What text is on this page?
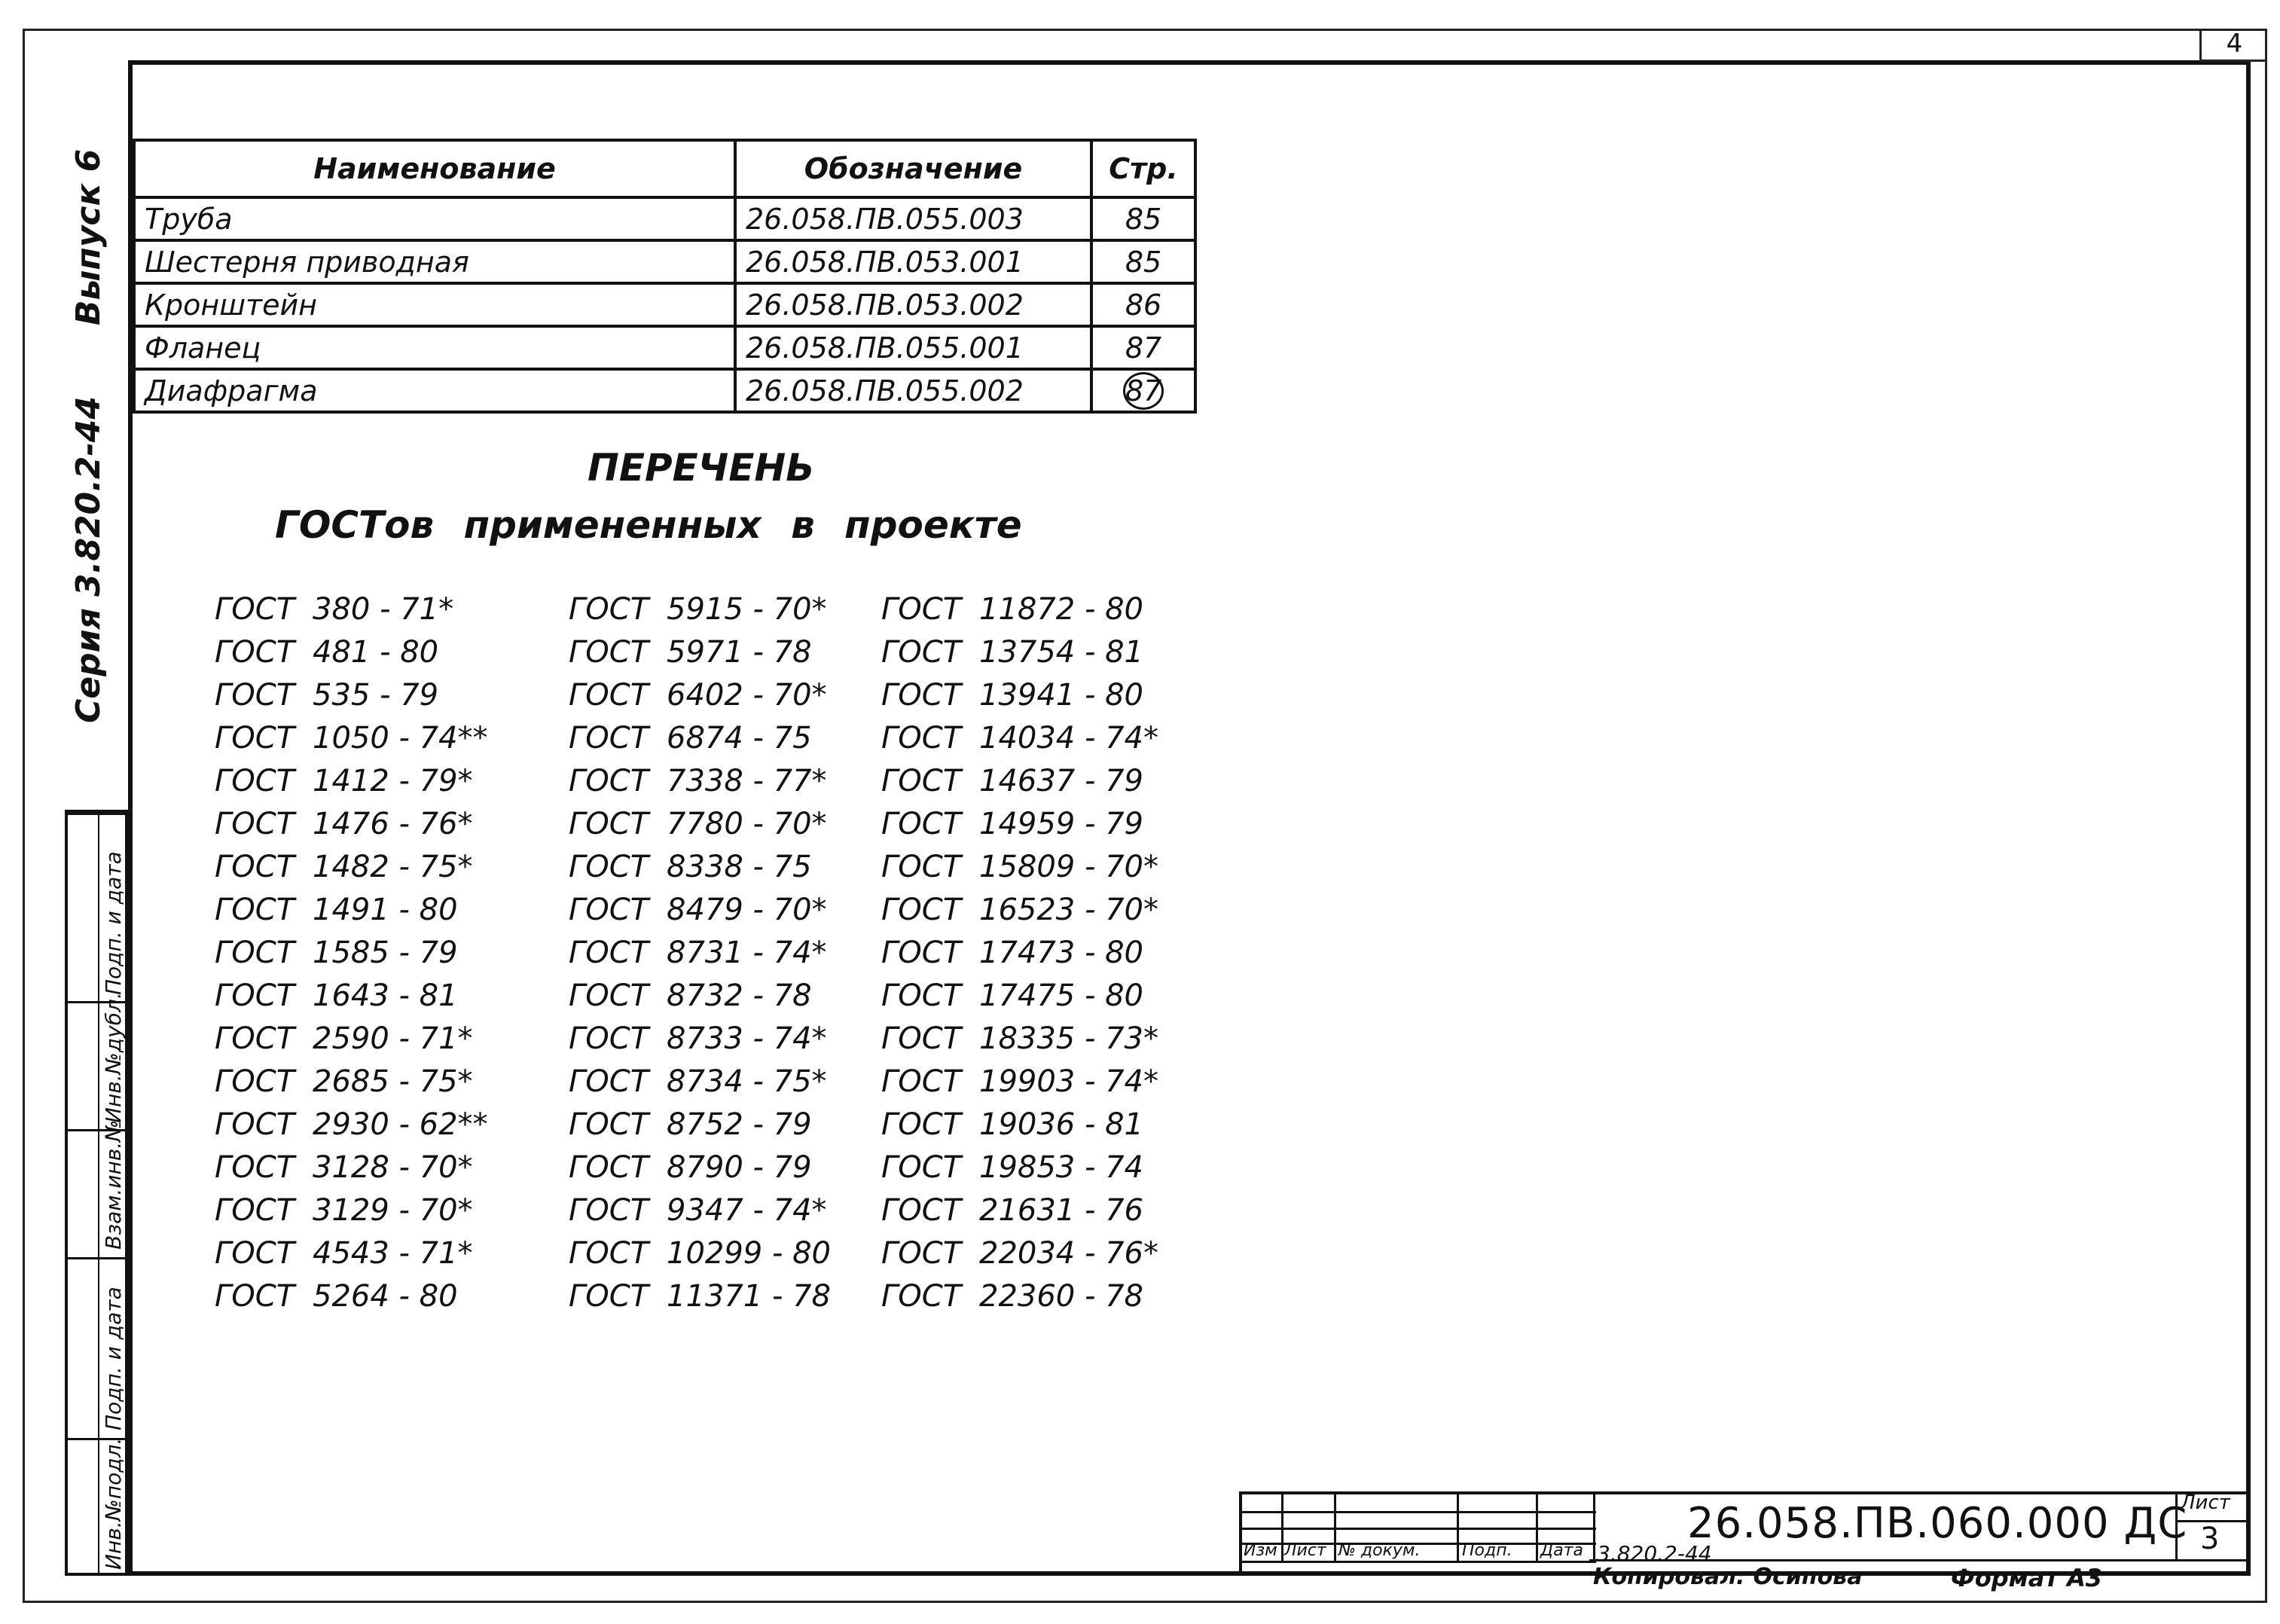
4
Выпуск 6
Серия 3.820.2-44
Инв.№подл.
Подп. и дата
Взам.инв.№
Инв.№дубл.
Подп. и дата
Наименование	Обозначение	Стр.
Труба	26.058.ПВ.055.003	85
Шестерня приводная	26.058.ПВ.053.001	85
Кронштейн	26.058.ПВ.053.002	86
Фланец	26.058.ПВ.055.001	87
Диафрагма	26.058.ПВ.055.002	87
ПЕРЕЧЕНЬ
ГОСТов примененных в проекте
ГОСТ 380 - 71*
ГОСТ 481 - 80
ГОСТ 535 - 79
ГОСТ 1050 - 74**
ГОСТ 1412 - 79*
ГОСТ 1476 - 76*
ГОСТ 1482 - 75*
ГОСТ 1491 - 80
ГОСТ 1585 - 79
ГОСТ 1643 - 81
ГОСТ 2590 - 71*
ГОСТ 2685 - 75*
ГОСТ 2930 - 62**
ГОСТ 3128 - 70*
ГОСТ 3129 - 70*
ГОСТ 4543 - 71*
ГОСТ 5264 - 80
ГОСТ 5915 - 70*
ГОСТ 5971 - 78
ГОСТ 6402 - 70*
ГОСТ 6874 - 75
ГОСТ 7338 - 77*
ГОСТ 7780 - 70*
ГОСТ 8338 - 75
ГОСТ 8479 - 70*
ГОСТ 8731 - 74*
ГОСТ 8732 - 78
ГОСТ 8733 - 74*
ГОСТ 8734 - 75*
ГОСТ 8752 - 79
ГОСТ 8790 - 79
ГОСТ 9347 - 74*
ГОСТ 10299 - 80
ГОСТ 11371 - 78
ГОСТ 11872 - 80
ГОСТ 13754 - 81
ГОСТ 13941 - 80
ГОСТ 14034 - 74*
ГОСТ 14637 - 79
ГОСТ 14959 - 79
ГОСТ 15809 - 70*
ГОСТ 16523 - 70*
ГОСТ 17473 - 80
ГОСТ 17475 - 80
ГОСТ 18335 - 73*
ГОСТ 19903 - 74*
ГОСТ 19036 - 81
ГОСТ 19853 - 74
ГОСТ 21631 - 76
ГОСТ 22034 - 76*
ГОСТ 22360 - 78
Изм Лист № докум.	Подп. Дата
26.058.ПВ.060.000 ДС
3.820.2-44
Копировал: Осипова	Формат А3
Лист
3
